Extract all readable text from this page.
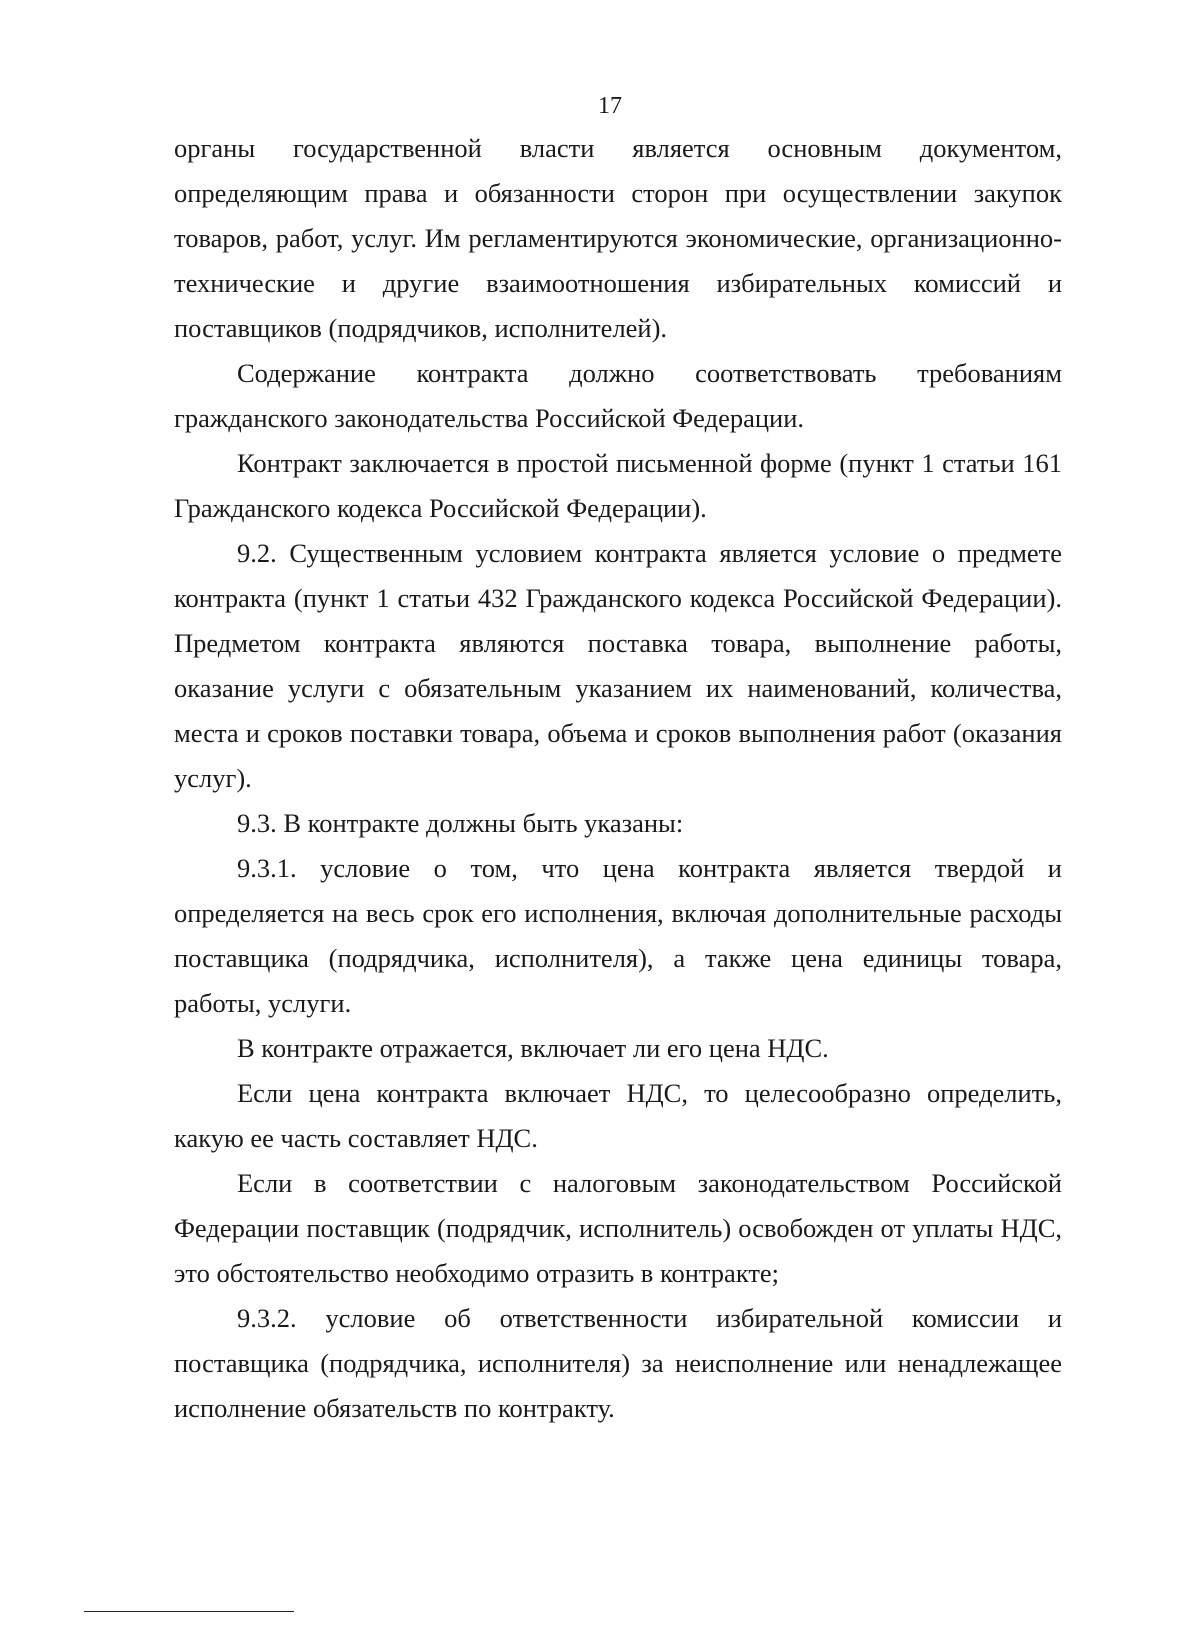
17

органы государственной власти является основным документом, определяющим права и обязанности сторон при осуществлении закупок товаров, работ, услуг. Им регламентируются экономические, организационно-технические и другие взаимоотношения избирательных комиссий и поставщиков (подрядчиков, исполнителей).

Содержание контракта должно соответствовать требованиям гражданского законодательства Российской Федерации.

Контракт заключается в простой письменной форме (пункт 1 статьи 161 Гражданского кодекса Российской Федерации).

9.2. Существенным условием контракта является условие о предмете контракта (пункт 1 статьи 432 Гражданского кодекса Российской Федерации). Предметом контракта являются поставка товара, выполнение работы, оказание услуги с обязательным указанием их наименований, количества, места и сроков поставки товара, объема и сроков выполнения работ (оказания услуг).

9.3. В контракте должны быть указаны:

9.3.1. условие о том, что цена контракта является твердой и определяется на весь срок его исполнения, включая дополнительные расходы поставщика (подрядчика, исполнителя), а также цена единицы товара, работы, услуги.

В контракте отражается, включает ли его цена НДС.

Если цена контракта включает НДС, то целесообразно определить, какую ее часть составляет НДС.

Если в соответствии с налоговым законодательством Российской Федерации поставщик (подрядчик, исполнитель) освобожден от уплаты НДС, это обстоятельство необходимо отразить в контракте;

9.3.2. условие об ответственности избирательной комиссии и поставщика (подрядчика, исполнителя) за неисполнение или ненадлежащее исполнение обязательств по контракту.
